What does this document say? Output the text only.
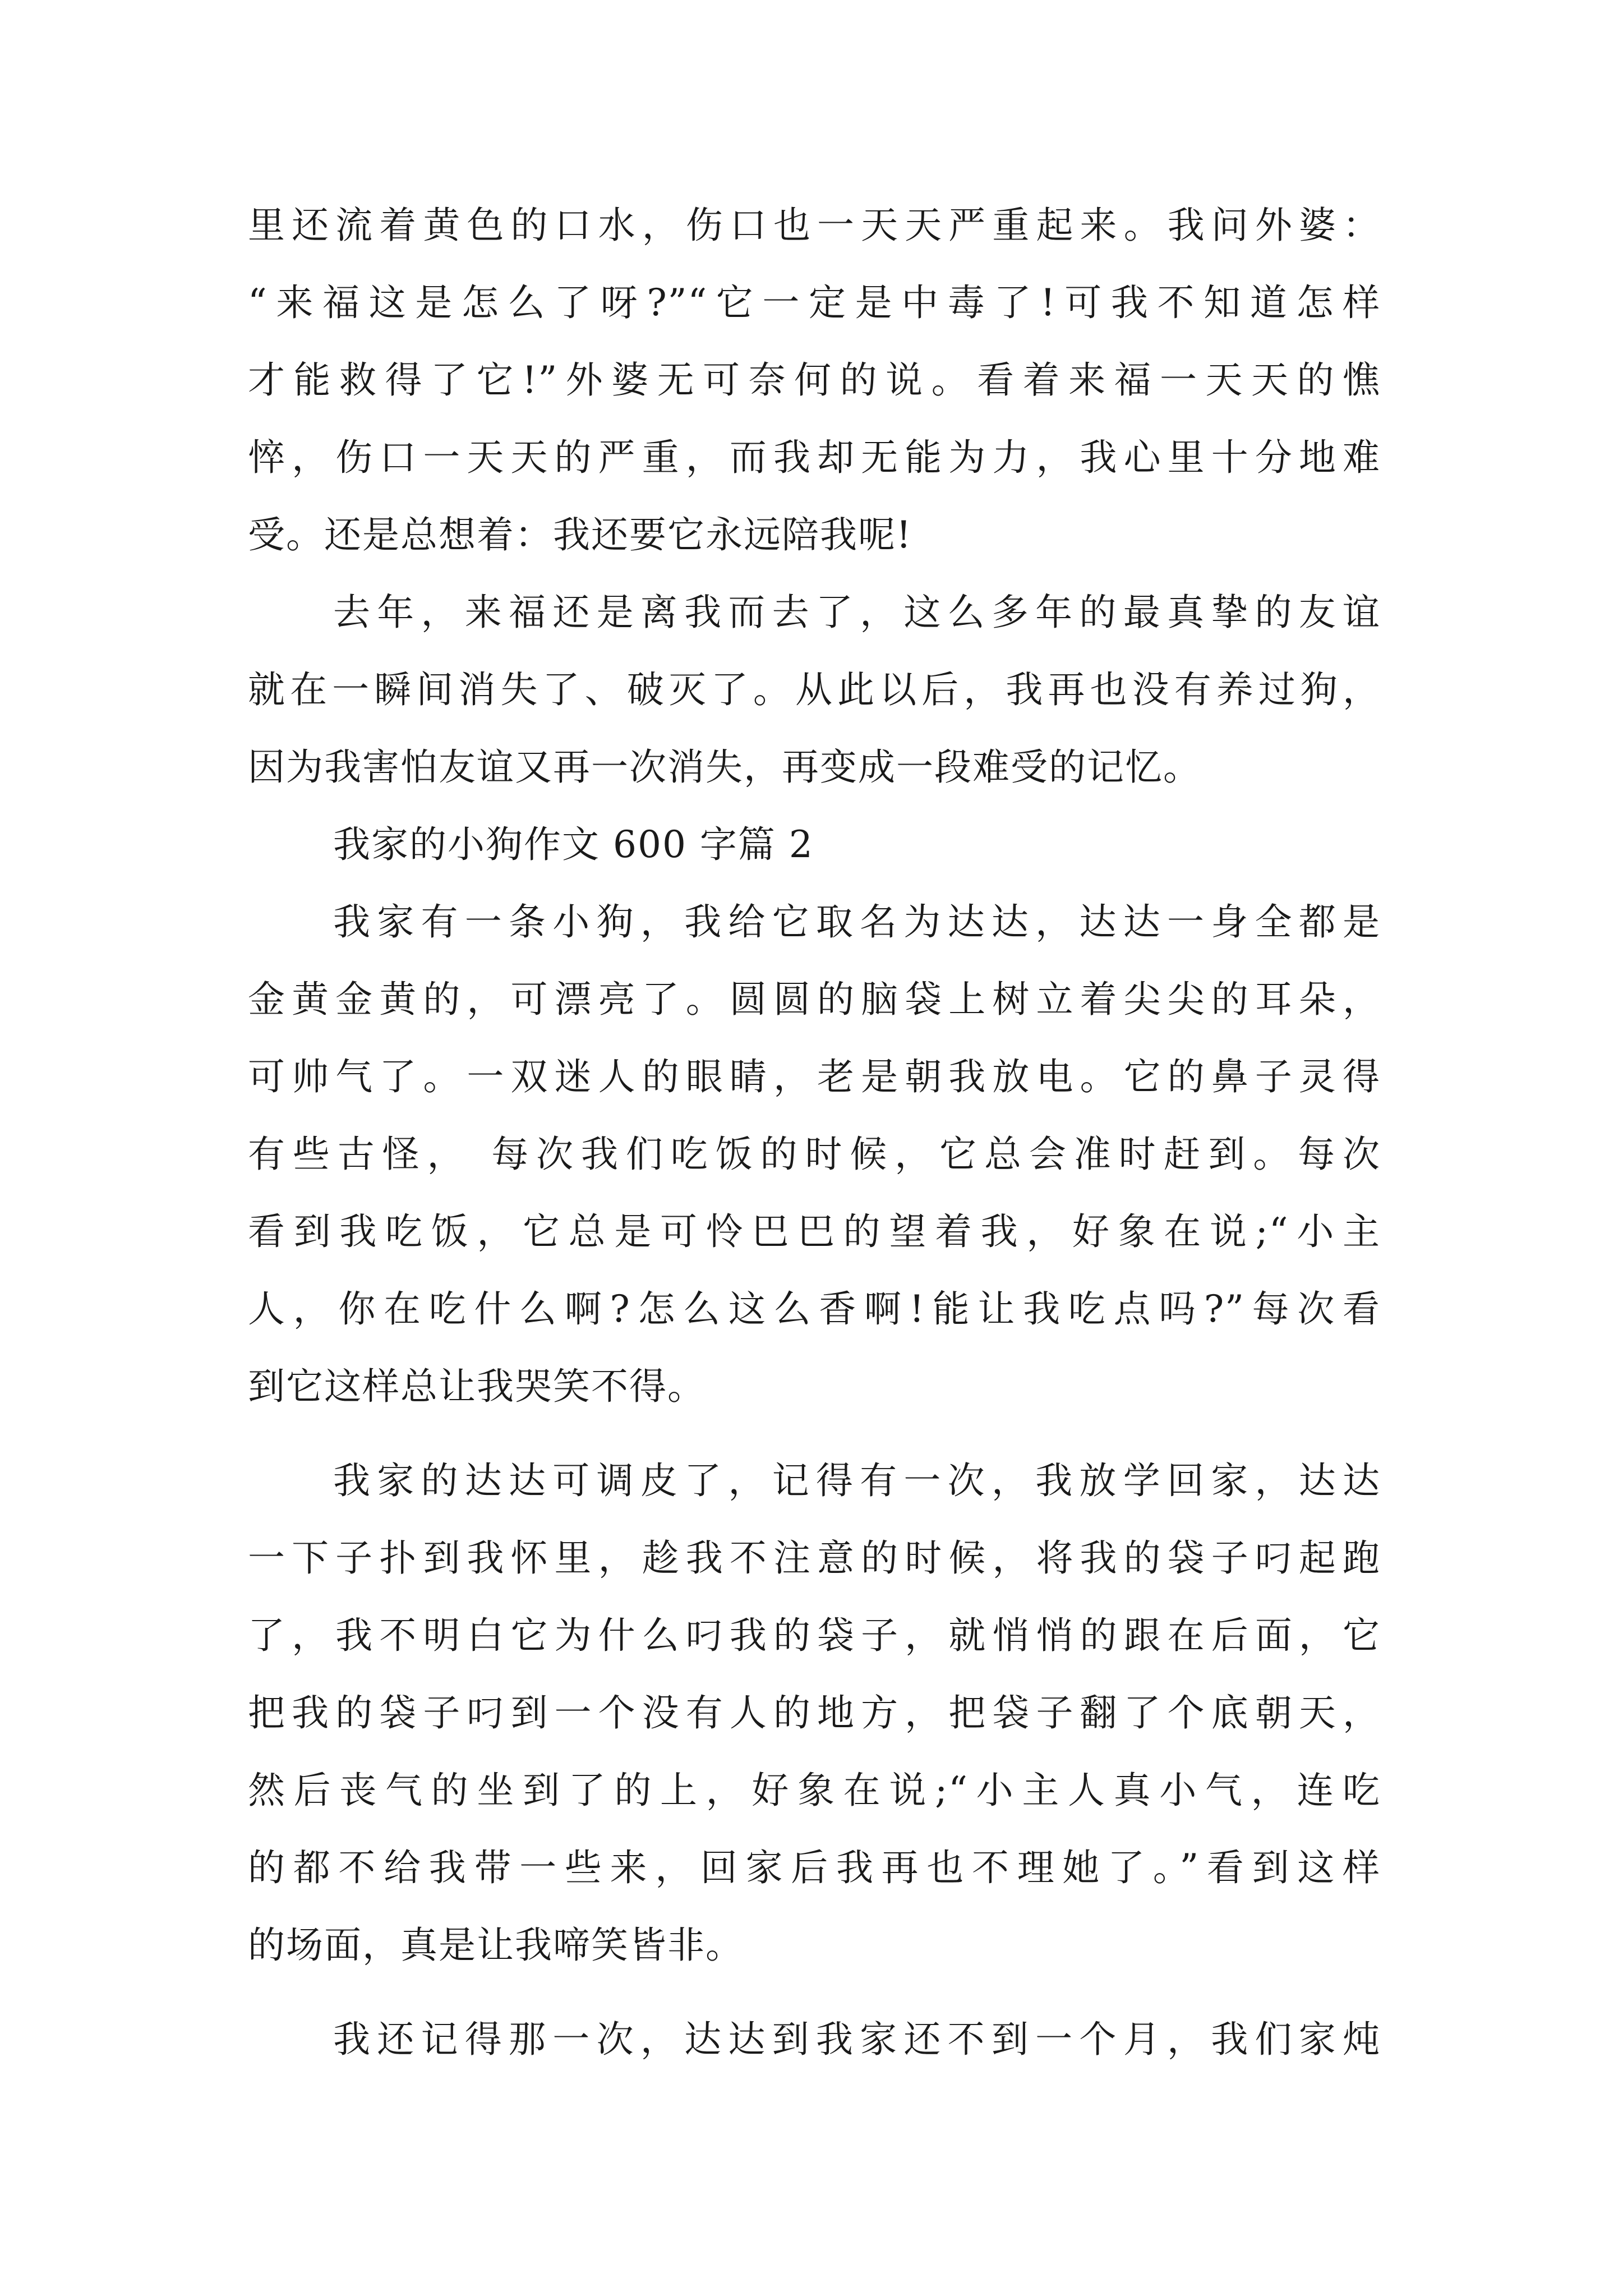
里还流着黄色的口水，伤口也一天天严重起来。我问外婆：
“来福这是怎么了呀?”“它一定是中毒了!可我不知道怎样
才能救得了它!”外婆无可奈何的说。看着来福一天天的憔
悴，伤口一天天的严重，而我却无能为力，我心里十分地难
受。还是总想着：我还要它永远陪我呢!
去年，来福还是离我而去了，这么多年的最真挚的友谊
就在一瞬间消失了、破灭了。从此以后，我再也没有养过狗，
因为我害怕友谊又再一次消失，再变成一段难受的记忆。
我家的小狗作文 600 字篇 2
我家有一条小狗，我给它取名为达达，达达一身全都是
金黄金黄的，可漂亮了。圆圆的脑袋上树立着尖尖的耳朵，
可帅气了。一双迷人的眼睛，老是朝我放电。它的鼻子灵得
有些古怪， 每次我们吃饭的时候，它总会准时赶到。每次
看到我吃饭，它总是可怜巴巴的望着我，好象在说;“小主
人，你在吃什么啊?怎么这么香啊!能让我吃点吗?”每次看
到它这样总让我哭笑不得。
我家的达达可调皮了，记得有一次，我放学回家，达达
一下子扑到我怀里，趁我不注意的时候，将我的袋子叼起跑
了，我不明白它为什么叼我的袋子，就悄悄的跟在后面，它
把我的袋子叼到一个没有人的地方，把袋子翻了个底朝天，
然后丧气的坐到了的上，好象在说;“小主人真小气，连吃
的都不给我带一些来，回家后我再也不理她了。”看到这样
的场面，真是让我啼笑皆非。
我还记得那一次，达达到我家还不到一个月，我们家炖
